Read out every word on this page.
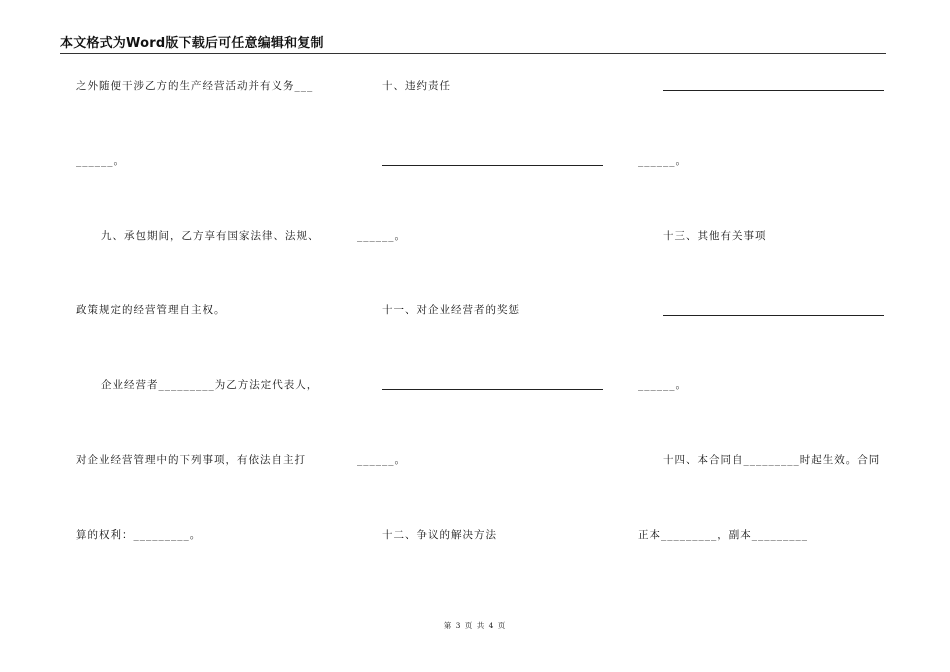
本文格式为Word版下载后可任意编辑和复制
之外随便干涉乙方的生产经营活动并有义务___
______。
九、承包期间，乙方享有国家法律、法规、
政策规定的经营管理自主权。
企业经营者_________为乙方法定代表人，
对企业经营管理中的下列事项，有依法自主打
算的权利：_________。
十、违约责任
______。
十一、对企业经营者的奖惩
______。
十二、争议的解决方法
______。
十三、其他有关事项
______。
十四、本合同自_________时起生效。合同
正本_________，副本_________
第 3 页 共 4 页
